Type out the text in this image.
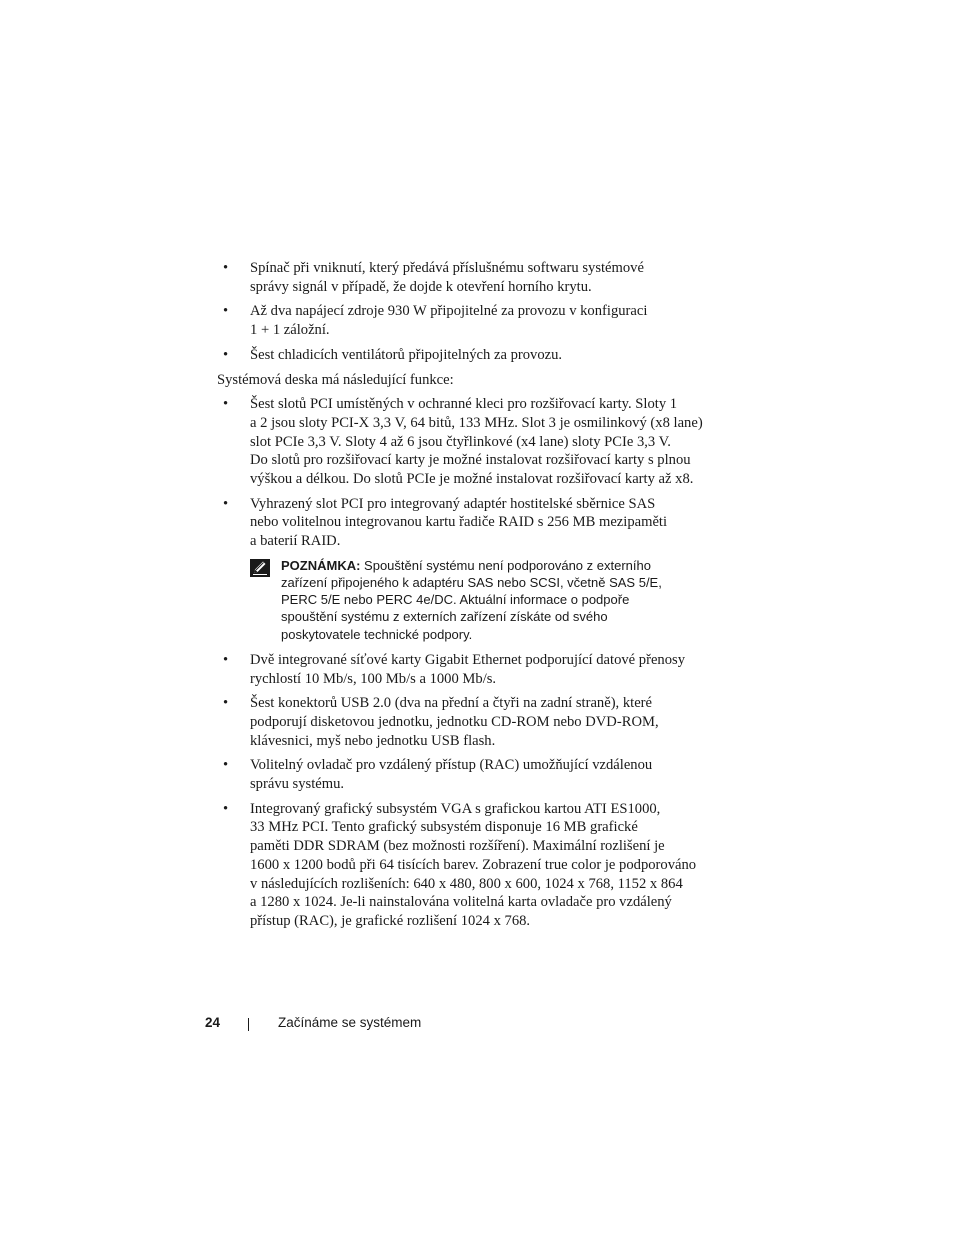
• Spínač při vniknutí, který předává příslušnému softwaru systémové
správy signál v případě, že dojde k otevření horního krytu.
• Až dva napájecí zdroje 930 W připojitelné za provozu v konfiguraci
1 + 1 záložní.
• Šest chladicích ventilátorů připojitelných za provozu.

Systémová deska má následující funkce:

• Šest slotů PCI umístěných v ochranné kleci pro rozšiřovací karty. Sloty 1
a 2 jsou sloty PCI-X 3,3 V, 64 bitů, 133 MHz. Slot 3 je osmilinkový (x8 lane)
slot PCIe 3,3 V. Sloty 4 až 6 jsou čtyřlinkové (x4 lane) sloty PCIe 3,3 V.
Do slotů pro rozšiřovací karty je možné instalovat rozšiřovací karty s plnou
výškou a délkou. Do slotů PCIe je možné instalovat rozšiřovací karty až x8.
• Vyhrazený slot PCI pro integrovaný adaptér hostitelské sběrnice SAS
nebo volitelnou integrovanou kartu řadiče RAID s 256 MB mezipaměti
a baterií RAID.
POZNÁMKA: Spouštění systému není podporováno z externího
zařízení připojeného k adaptéru SAS nebo SCSI, včetně SAS 5/E,
PERC 5/E nebo PERC 4e/DC. Aktuální informace o podpoře
spouštění systému z externích zařízení získáte od svého
poskytovatele technické podpory.
• Dvě integrované síťové karty Gigabit Ethernet podporující datové přenosy
rychlostí 10 Mb/s, 100 Mb/s a 1000 Mb/s.
• Šest konektorů USB 2.0 (dva na přední a čtyři na zadní straně), které
podporují disketovou jednotku, jednotku CD-ROM nebo DVD-ROM,
klávesnici, myš nebo jednotku USB flash.
• Volitelný ovladač pro vzdálený přístup (RAC) umožňující vzdálenou
správu systému.
• Integrovaný grafický subsystém VGA s grafickou kartou ATI ES1000,
33 MHz PCI. Tento grafický subsystém disponuje 16 MB grafické
paměti DDR SDRAM (bez možnosti rozšíření). Maximální rozlišení je
1600 x 1200 bodů při 64 tisících barev. Zobrazení true color je podporováno
v následujících rozlišeních: 640 x 480, 800 x 600, 1024 x 768, 1152 x 864
a 1280 x 1024. Je-li nainstalována volitelná karta ovladače pro vzdálený
přístup (RAC), je grafické rozlišení 1024 x 768.
24	Začínáme se systémem
